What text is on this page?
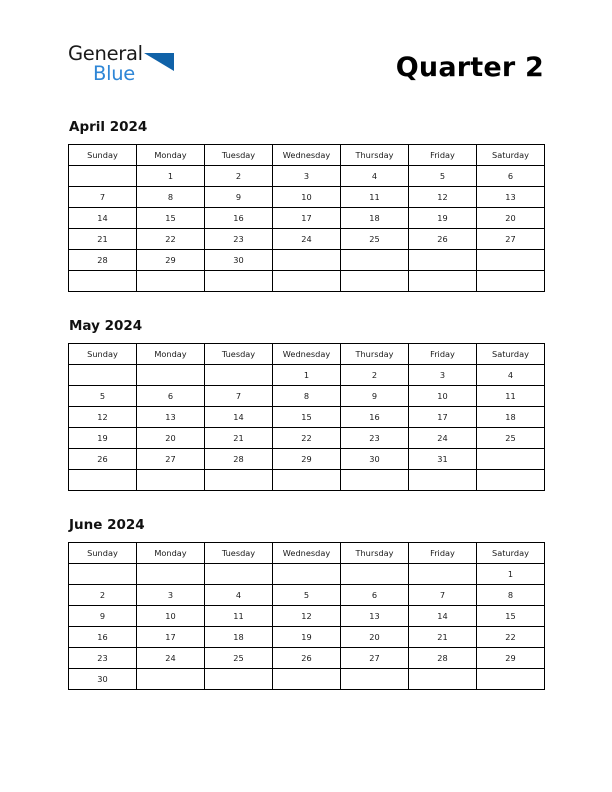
General
Blue	Quarter 2
April 2024
Sunday	Monday	Tuesday	Wednesday	Thursday	Friday	Saturday
	1	2	3	4	5	6
7	8	9	10	11	12	13
14	15	16	17	18	19	20
21	22	23	24	25	26	27
28	29	30				

May 2024
Sunday	Monday	Tuesday	Wednesday	Thursday	Friday	Saturday
			1	2	3	4
5	6	7	8	9	10	11
12	13	14	15	16	17	18
19	20	21	22	23	24	25
26	27	28	29	30	31	

June 2024
Sunday	Monday	Tuesday	Wednesday	Thursday	Friday	Saturday
						1
2	3	4	5	6	7	8
9	10	11	12	13	14	15
16	17	18	19	20	21	22
23	24	25	26	27	28	29
30						
